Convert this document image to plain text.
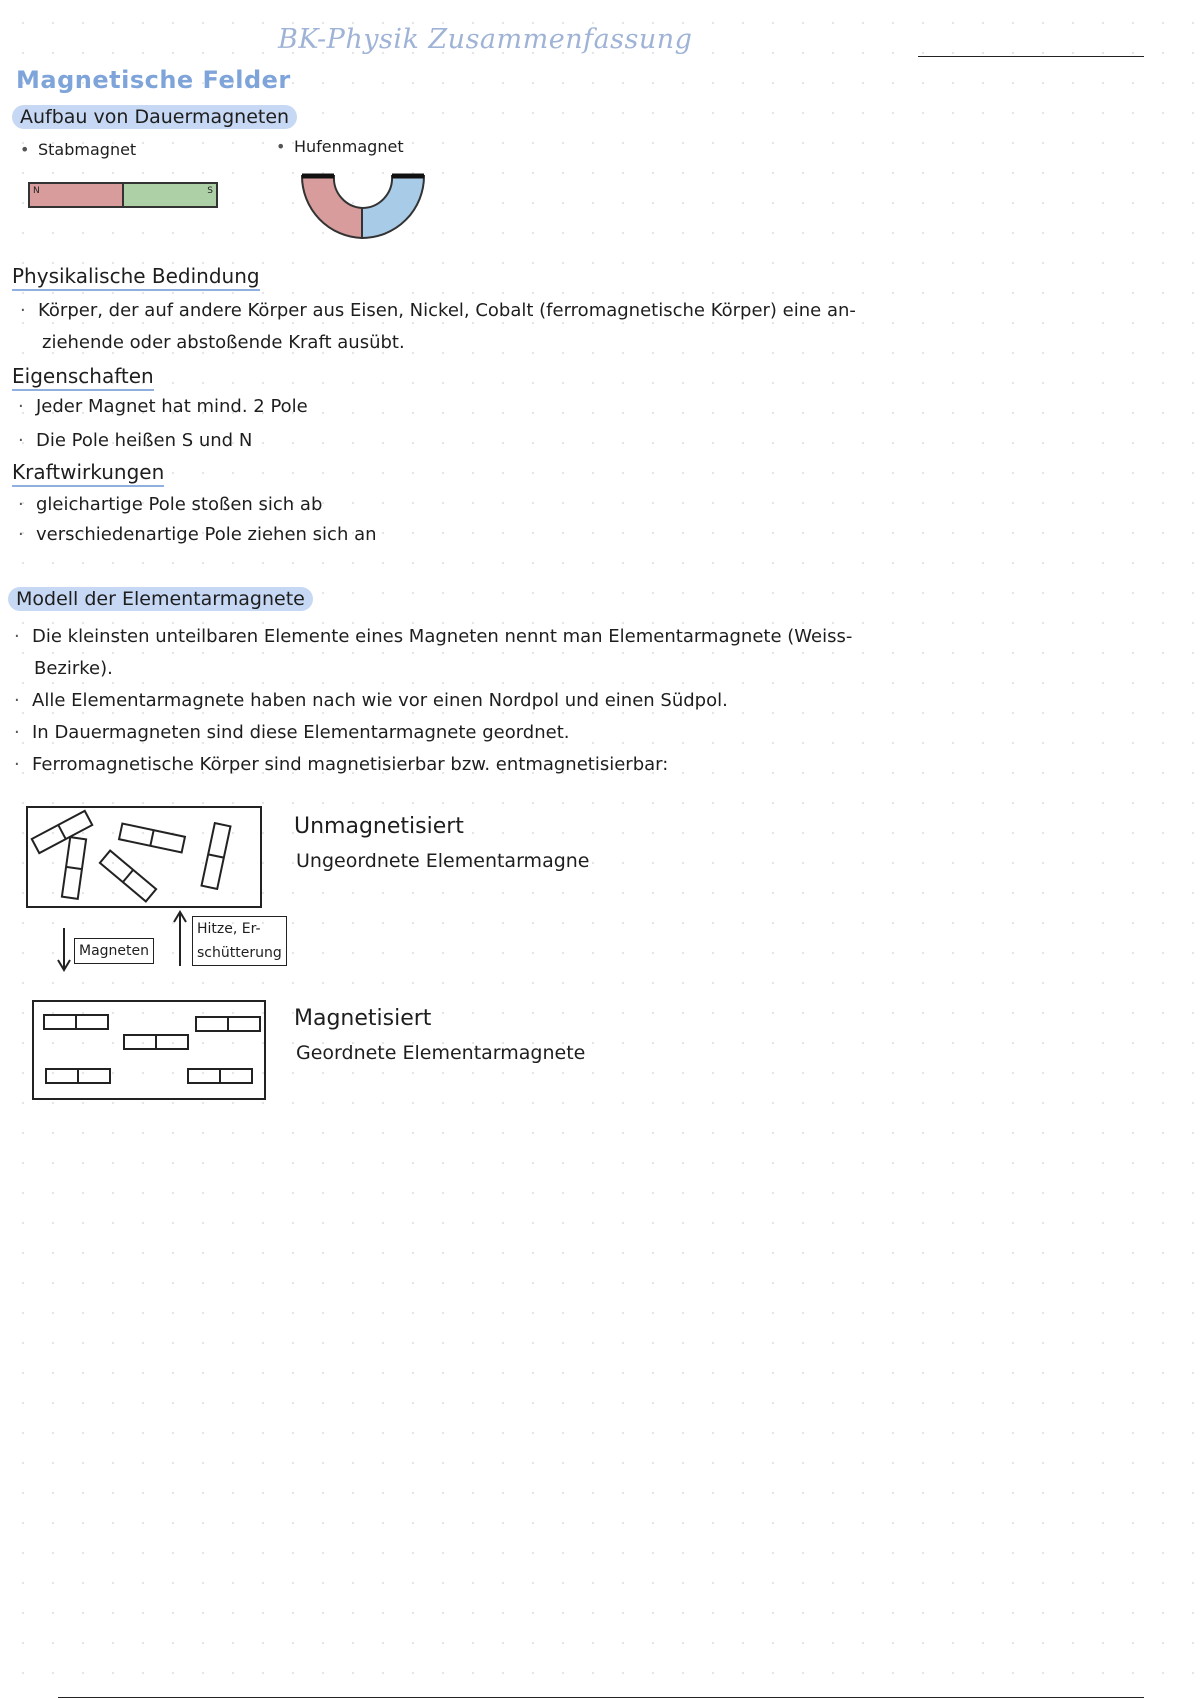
BK-Physik Zusammenfassung
Magnetische Felder
Aufbau von Dauermagneten
• Stabmagnet	• Hufenmagnet
N	S
Physikalische Bedindung
· Körper, der auf andere Körper aus Eisen, Nickel, Cobalt (ferromagnetische Körper) eine an-
ziehende oder abstoßende Kraft ausübt.
Eigenschaften
· Jeder Magnet hat mind. 2 Pole
· Die Pole heißen S und N
Kraftwirkungen
· gleichartige Pole stoßen sich ab
· verschiedenartige Pole ziehen sich an
Modell der Elementarmagnete
· Die kleinsten unteilbaren Elemente eines Magneten nennt man Elementarmagnete (Weiss-
Bezirke).
· Alle Elementarmagnete haben nach wie vor einen Nordpol und einen Südpol.
· In Dauermagneten sind diese Elementarmagnete geordnet.
· Ferromagnetische Körper sind magnetisierbar bzw. entmagnetisierbar:
Unmagnetisiert
Ungeordnete Elementarmagne
Magneten
Hitze, Er-
schütterung
Magnetisiert
Geordnete Elementarmagnete
